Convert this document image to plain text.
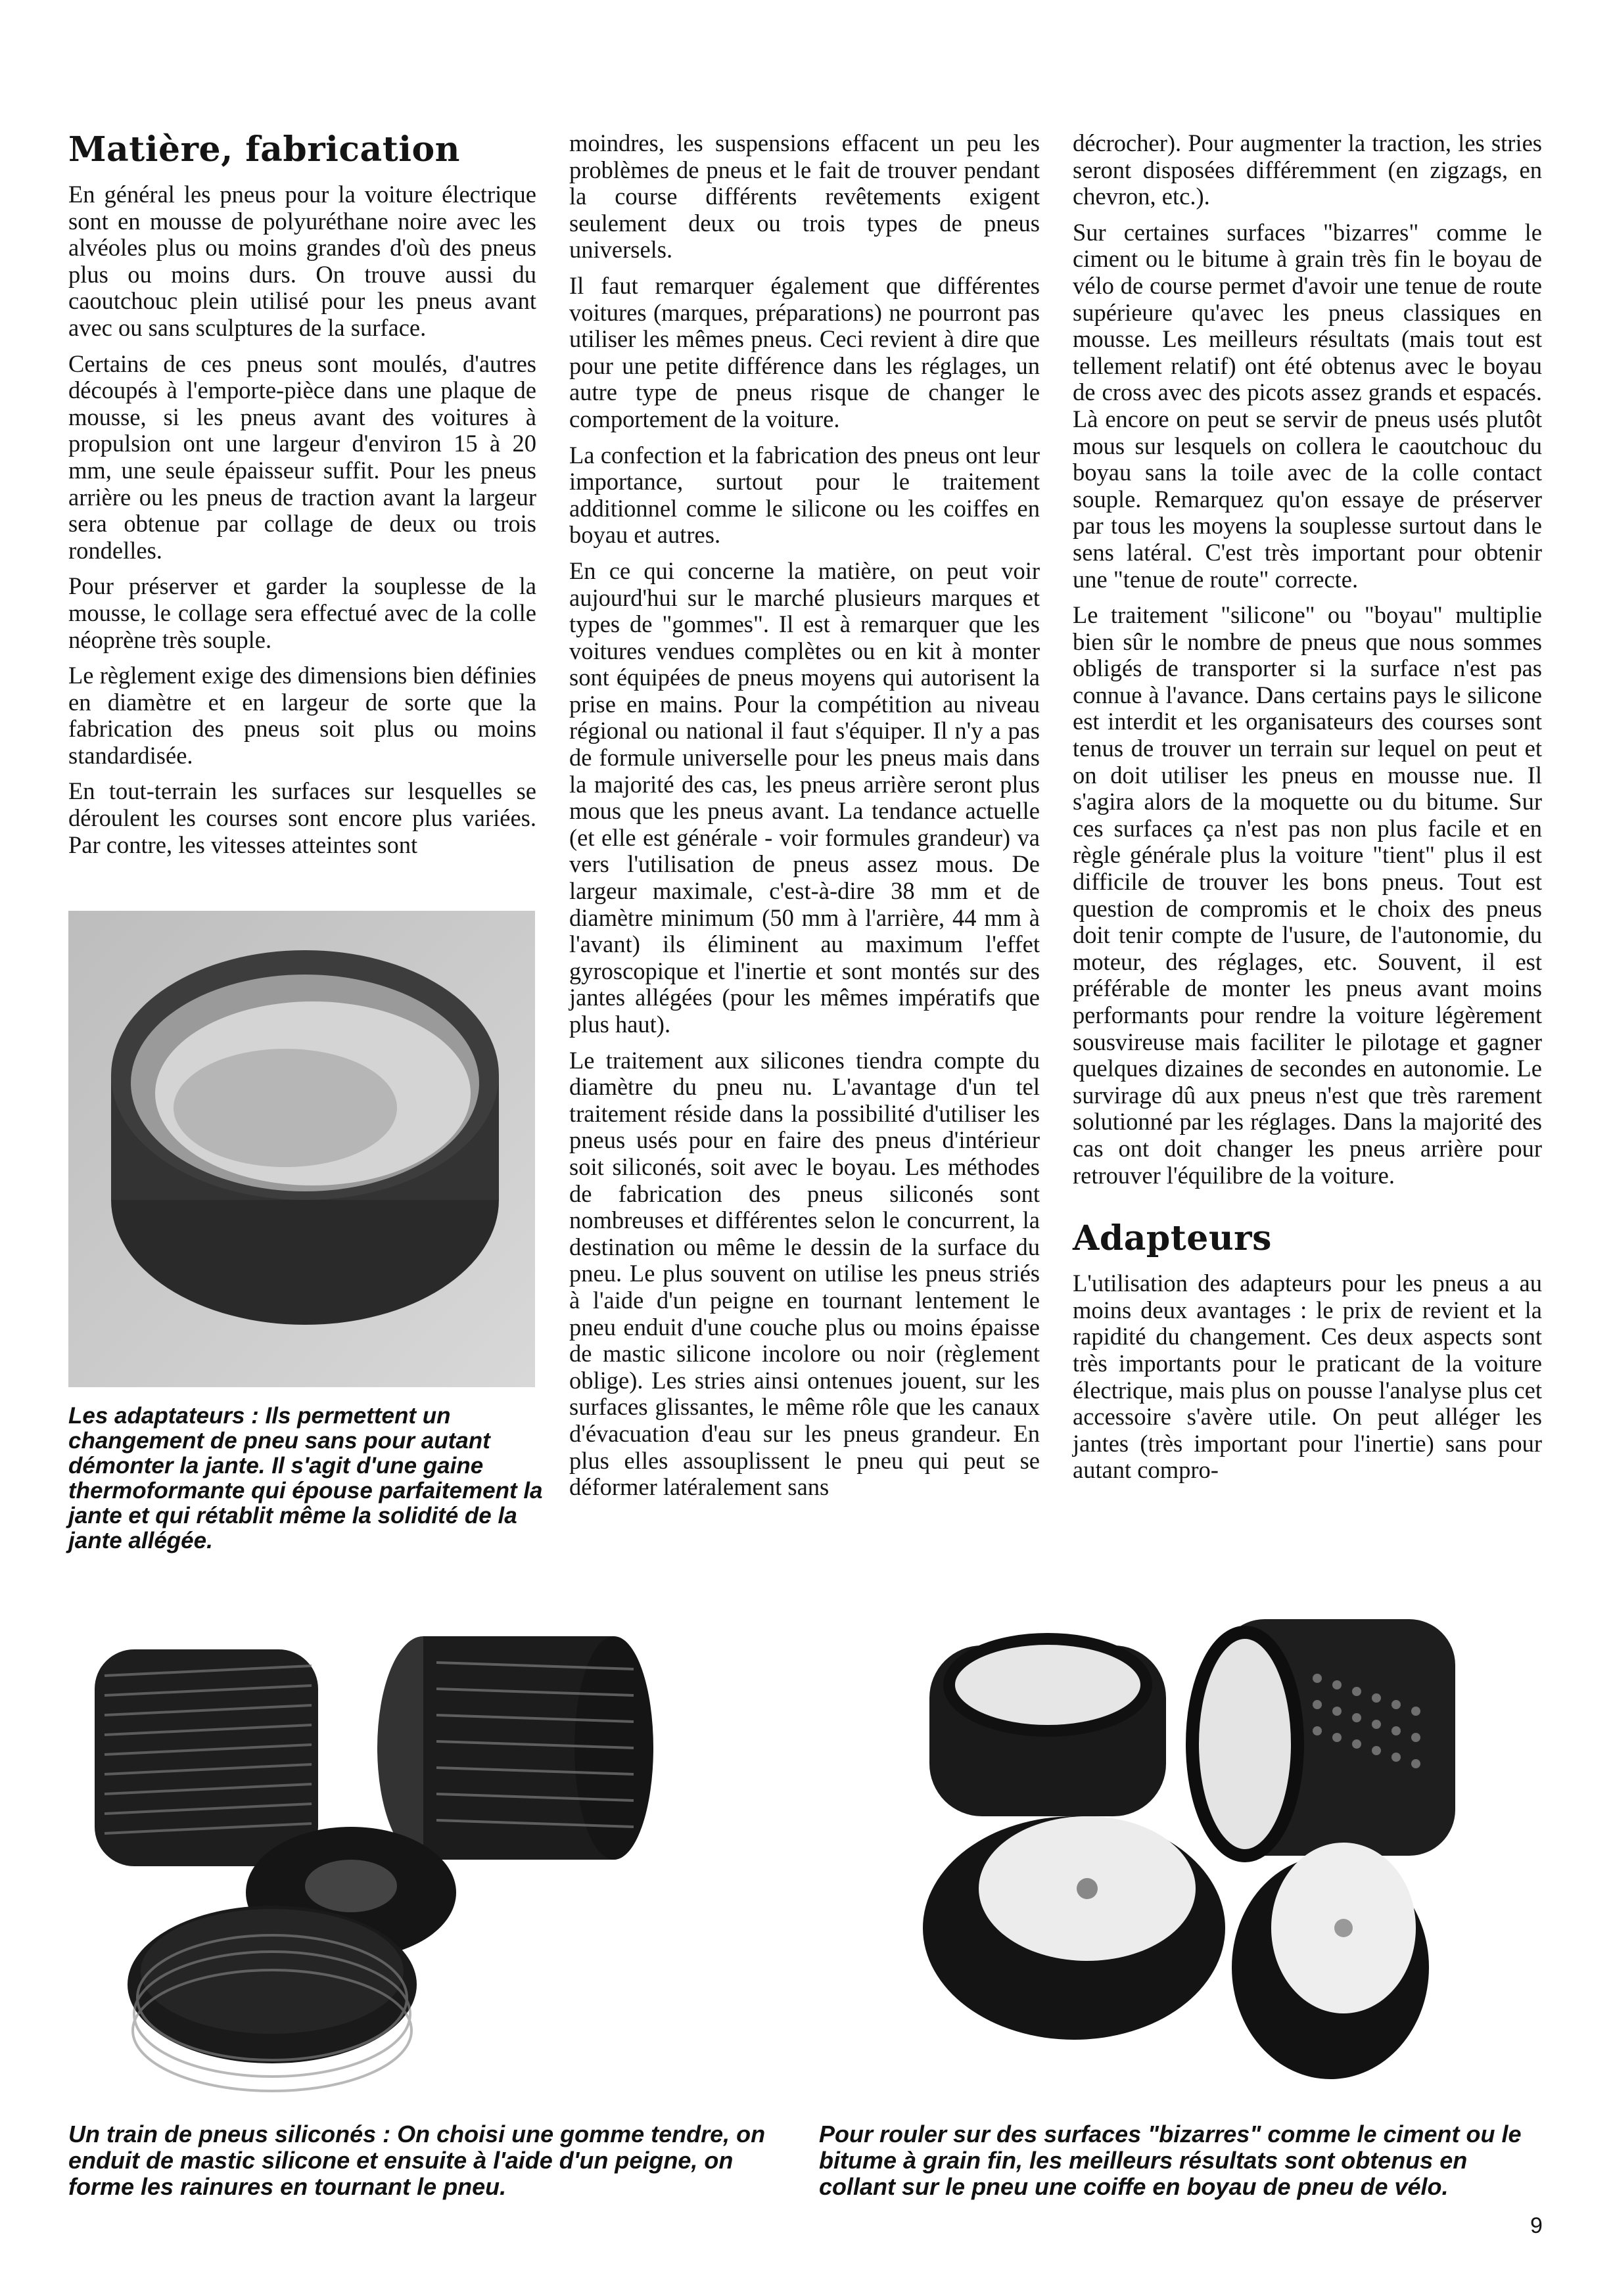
Matière, fabrication

En général les pneus pour la voiture électrique sont en mousse de polyuréthane noire avec les alvéoles plus ou moins grandes d'où des pneus plus ou moins durs. On trouve aussi du caoutchouc plein utilisé pour les pneus avant avec ou sans sculptures de la surface.

Certains de ces pneus sont moulés, d'autres découpés à l'emporte-pièce dans une plaque de mousse, si les pneus avant des voitures à propulsion ont une largeur d'environ 15 à 20 mm, une seule épaisseur suffit. Pour les pneus arrière ou les pneus de traction avant la largeur sera obtenue par collage de deux ou trois rondelles.

Pour préserver et garder la souplesse de la mousse, le collage sera effectué avec de la colle néoprène très souple.

Le règlement exige des dimensions bien définies en diamètre et en largeur de sorte que la fabrication des pneus soit plus ou moins standardisée.

En tout-terrain les surfaces sur lesquelles se déroulent les courses sont encore plus variées. Par contre, les vitesses atteintes sont

moindres, les suspensions effacent un peu les problèmes de pneus et le fait de trouver pendant la course différents revêtements exigent seulement deux ou trois types de pneus universels.

Il faut remarquer également que différentes voitures (marques, préparations) ne pourront pas utiliser les mêmes pneus. Ceci revient à dire que pour une petite différence dans les réglages, un autre type de pneus risque de changer le comportement de la voiture.

La confection et la fabrication des pneus ont leur importance, surtout pour le traitement additionnel comme le silicone ou les coiffes en boyau et autres.

En ce qui concerne la matière, on peut voir aujourd'hui sur le marché plusieurs marques et types de "gommes". Il est à remarquer que les voitures vendues complètes ou en kit à monter sont équipées de pneus moyens qui autorisent la prise en mains. Pour la compétition au niveau régional ou national il faut s'équiper. Il n'y a pas de formule universelle pour les pneus mais dans la majorité des cas, les pneus arrière seront plus mous que les pneus avant. La tendance actuelle (et elle est générale - voir formules grandeur) va vers l'utilisation de pneus assez mous. De largeur maximale, c'est-à-dire 38 mm et de diamètre minimum (50 mm à l'arrière, 44 mm à l'avant) ils éliminent au maximum l'effet gyroscopique et l'inertie et sont montés sur des jantes allégées (pour les mêmes impératifs que plus haut).

Le traitement aux silicones tiendra compte du diamètre du pneu nu. L'avantage d'un tel traitement réside dans la possibilité d'utiliser les pneus usés pour en faire des pneus d'intérieur soit siliconés, soit avec le boyau. Les méthodes de fabrication des pneus siliconés sont nombreuses et différentes selon le concurrent, la destination ou même le dessin de la surface du pneu. Le plus souvent on utilise les pneus striés à l'aide d'un peigne en tournant lentement le pneu enduit d'une couche plus ou moins épaisse de mastic silicone incolore ou noir (règlement oblige). Les stries ainsi ontenues jouent, sur les surfaces glissantes, le même rôle que les canaux d'évacuation d'eau sur les pneus grandeur. En plus elles assouplissent le pneu qui peut se déformer latéralement sans

décrocher). Pour augmenter la traction, les stries seront disposées différemment (en zigzags, en chevron, etc.).

Sur certaines surfaces "bizarres" comme le ciment ou le bitume à grain très fin le boyau de vélo de course permet d'avoir une tenue de route supérieure qu'avec les pneus classiques en mousse. Les meilleurs résultats (mais tout est tellement relatif) ont été obtenus avec le boyau de cross avec des picots assez grands et espacés. Là encore on peut se servir de pneus usés plutôt mous sur lesquels on collera le caoutchouc du boyau sans la toile avec de la colle contact souple. Remarquez qu'on essaye de préserver par tous les moyens la souplesse surtout dans le sens latéral. C'est très important pour obtenir une "tenue de route" correcte.

Le traitement "silicone" ou "boyau" multiplie bien sûr le nombre de pneus que nous sommes obligés de transporter si la surface n'est pas connue à l'avance. Dans certains pays le silicone est interdit et les organisateurs des courses sont tenus de trouver un terrain sur lequel on peut et on doit utiliser les pneus en mousse nue. Il s'agira alors de la moquette ou du bitume. Sur ces surfaces ça n'est pas non plus facile et en règle générale plus la voiture "tient" plus il est difficile de trouver les bons pneus. Tout est question de compromis et le choix des pneus doit tenir compte de l'usure, de l'autonomie, du moteur, des réglages, etc. Souvent, il est préférable de monter les pneus avant moins performants pour rendre la voiture légèrement sousvireuse mais faciliter le pilotage et gagner quelques dizaines de secondes en autonomie. Le survirage dû aux pneus n'est que très rarement solutionné par les réglages. Dans la majorité des cas ont doit changer les pneus arrière pour retrouver l'équilibre de la voiture.

Adapteurs

L'utilisation des adapteurs pour les pneus a au moins deux avantages : le prix de revient et la rapidité du changement. Ces deux aspects sont très importants pour le praticant de la voiture électrique, mais plus on pousse l'analyse plus cet accessoire s'avère utile. On peut alléger les jantes (très important pour l'inertie) sans pour autant compro-

Les adaptateurs : Ils permettent un changement de pneu sans pour autant démonter la jante. Il s'agit d'une gaine thermoformante qui épouse parfaitement la jante et qui rétablit même la solidité de la jante allégée.
Un train de pneus siliconés : On choisi une gomme tendre, on enduit de mastic silicone et ensuite à l'aide d'un peigne, on forme les rainures en tournant le pneu.
Pour rouler sur des surfaces "bizarres" comme le ciment ou le bitume à grain fin, les meilleurs résultats sont obtenus en collant sur le pneu une coiffe en boyau de pneu de vélo.
9
